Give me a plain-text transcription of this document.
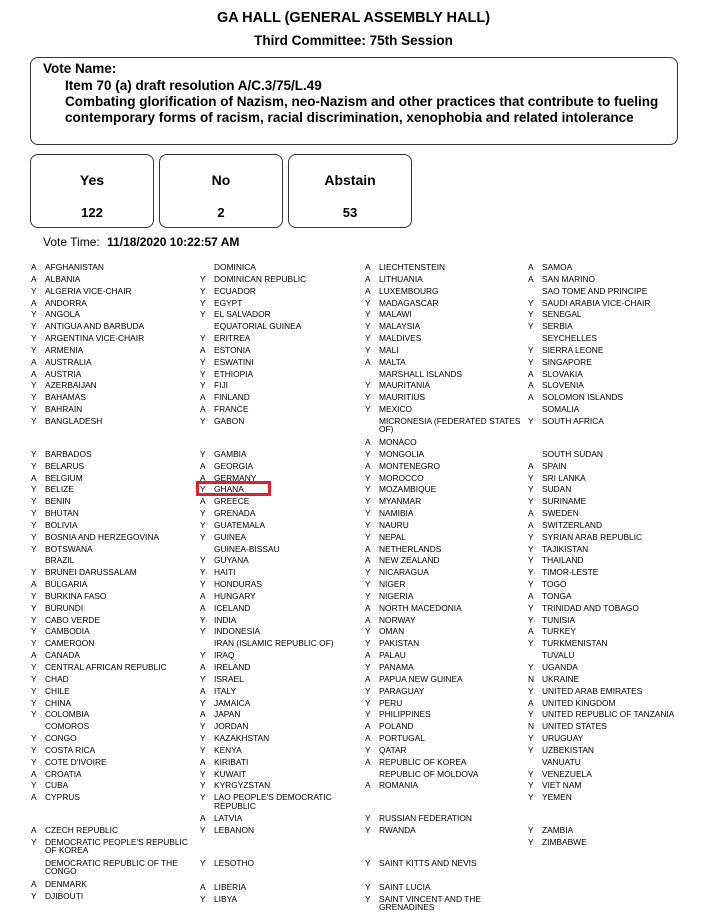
GA HALL (GENERAL ASSEMBLY HALL)
Third Committee: 75th Session
Vote Name:
Item 70 (a) draft resolution A/C.3/75/L.49
Combating glorification of Nazism, neo-Nazism and other practices that contribute to fueling contemporary forms of racism, racial discrimination, xenophobia and related intolerance
Yes
122
No
2
Abstain
53
Vote Time: 11/18/2020 10:22:57 AM
A	AFGHANISTAN
A	ALBANIA
Y	ALGERIA VICE-CHAIR
A	ANDORRA
Y	ANGOLA
Y	ANTIGUA AND BARBUDA
Y	ARGENTINA VICE-CHAIR
Y	ARMENIA
A	AUSTRALIA
A	AUSTRIA
Y	AZERBAIJAN
Y	BAHAMAS
Y	BAHRAIN
Y	BANGLADESH
Y	BARBADOS
Y	BELARUS
A	BELGIUM
Y	BELIZE
Y	BENIN
Y	BHUTAN
Y	BOLIVIA
Y	BOSNIA AND HERZEGOVINA
Y	BOTSWANA
BRAZIL
Y	BRUNEI DARUSSALAM
A	BULGARIA
Y	BURKINA FASO
Y	BURUNDI
Y	CABO VERDE
Y	CAMBODIA
Y	CAMEROON
A	CANADA
Y	CENTRAL AFRICAN REPUBLIC
Y	CHAD
Y	CHILE
Y	CHINA
Y	COLOMBIA
COMOROS
Y	CONGO
Y	COSTA RICA
Y	COTE D'IVOIRE
A	CROATIA
Y	CUBA
A	CYPRUS
A	CZECH REPUBLIC
Y	DEMOCRATIC PEOPLE'S REPUBLIC OF KOREA
DEMOCRATIC REPUBLIC OF THE CONGO
A	DENMARK
Y	DJIBOUTI
DOMINICA
Y	DOMINICAN REPUBLIC
Y	ECUADOR
Y	EGYPT
Y	EL SALVADOR
EQUATORIAL GUINEA
Y	ERITREA
A	ESTONIA
Y	ESWATINI
Y	ETHIOPIA
Y	FIJI
A	FINLAND
A	FRANCE
Y	GABON
Y	GAMBIA
A	GEORGIA
A	GERMANY
Y	GHANA
A	GREECE
Y	GRENADA
Y	GUATEMALA
Y	GUINEA
GUINEA-BISSAU
Y	GUYANA
Y	HAITI
Y	HONDURAS
A	HUNGARY
A	ICELAND
Y	INDIA
Y	INDONESIA
IRAN (ISLAMIC REPUBLIC OF)
Y	IRAQ
A	IRELAND
Y	ISRAEL
A	ITALY
Y	JAMAICA
A	JAPAN
Y	JORDAN
Y	KAZAKHSTAN
Y	KENYA
A	KIRIBATI
Y	KUWAIT
Y	KYRGYZSTAN
Y	LAO PEOPLE'S DEMOCRATIC REPUBLIC
A	LATVIA
Y	LEBANON
Y	LESOTHO
A	LIBERIA
Y	LIBYA
A	LIECHTENSTEIN
A	LITHUANIA
A	LUXEMBOURG
Y	MADAGASCAR
Y	MALAWI
Y	MALAYSIA
Y	MALDIVES
Y	MALI
A	MALTA
MARSHALL ISLANDS
Y	MAURITANIA
Y	MAURITIUS
Y	MEXICO
MICRONESIA (FEDERATED STATES OF)
A	MONACO
Y	MONGOLIA
A	MONTENEGRO
Y	MOROCCO
Y	MOZAMBIQUE
Y	MYANMAR
Y	NAMIBIA
Y	NAURU
Y	NEPAL
A	NETHERLANDS
A	NEW ZEALAND
Y	NICARAGUA
Y	NIGER
Y	NIGERIA
A	NORTH MACEDONIA
A	NORWAY
Y	OMAN
Y	PAKISTAN
A	PALAU
Y	PANAMA
A	PAPUA NEW GUINEA
Y	PARAGUAY
Y	PERU
Y	PHILIPPINES
A	POLAND
A	PORTUGAL
Y	QATAR
A	REPUBLIC OF KOREA
REPUBLIC OF MOLDOVA
A	ROMANIA
Y	RUSSIAN FEDERATION
Y	RWANDA
Y	SAINT KITTS AND NEVIS
Y	SAINT LUCIA
Y	SAINT VINCENT AND THE GRENADINES
A	SAMOA
A	SAN MARINO
SAO TOME AND PRINCIPE
Y	SAUDI ARABIA VICE-CHAIR
Y	SENEGAL
Y	SERBIA
SEYCHELLES
Y	SIERRA LEONE
Y	SINGAPORE
A	SLOVAKIA
A	SLOVENIA
A	SOLOMON ISLANDS
SOMALIA
Y	SOUTH AFRICA
SOUTH SUDAN
A	SPAIN
Y	SRI LANKA
Y	SUDAN
Y	SURINAME
A	SWEDEN
A	SWITZERLAND
Y	SYRIAN ARAB REPUBLIC
Y	TAJIKISTAN
Y	THAILAND
Y	TIMOR-LESTE
Y	TOGO
A	TONGA
Y	TRINIDAD AND TOBAGO
Y	TUNISIA
A	TURKEY
Y	TURKMENISTAN
TUVALU
Y	UGANDA
N UKRAINE
Y	UNITED ARAB EMIRATES
A	UNITED KINGDOM
Y	UNITED REPUBLIC OF TANZANIA
N UNITED STATES
Y	URUGUAY
Y	UZBEKISTAN
VANUATU
Y	VENEZUELA
Y	VIET NAM
Y	YEMEN
Y	ZAMBIA
Y	ZIMBABWE
